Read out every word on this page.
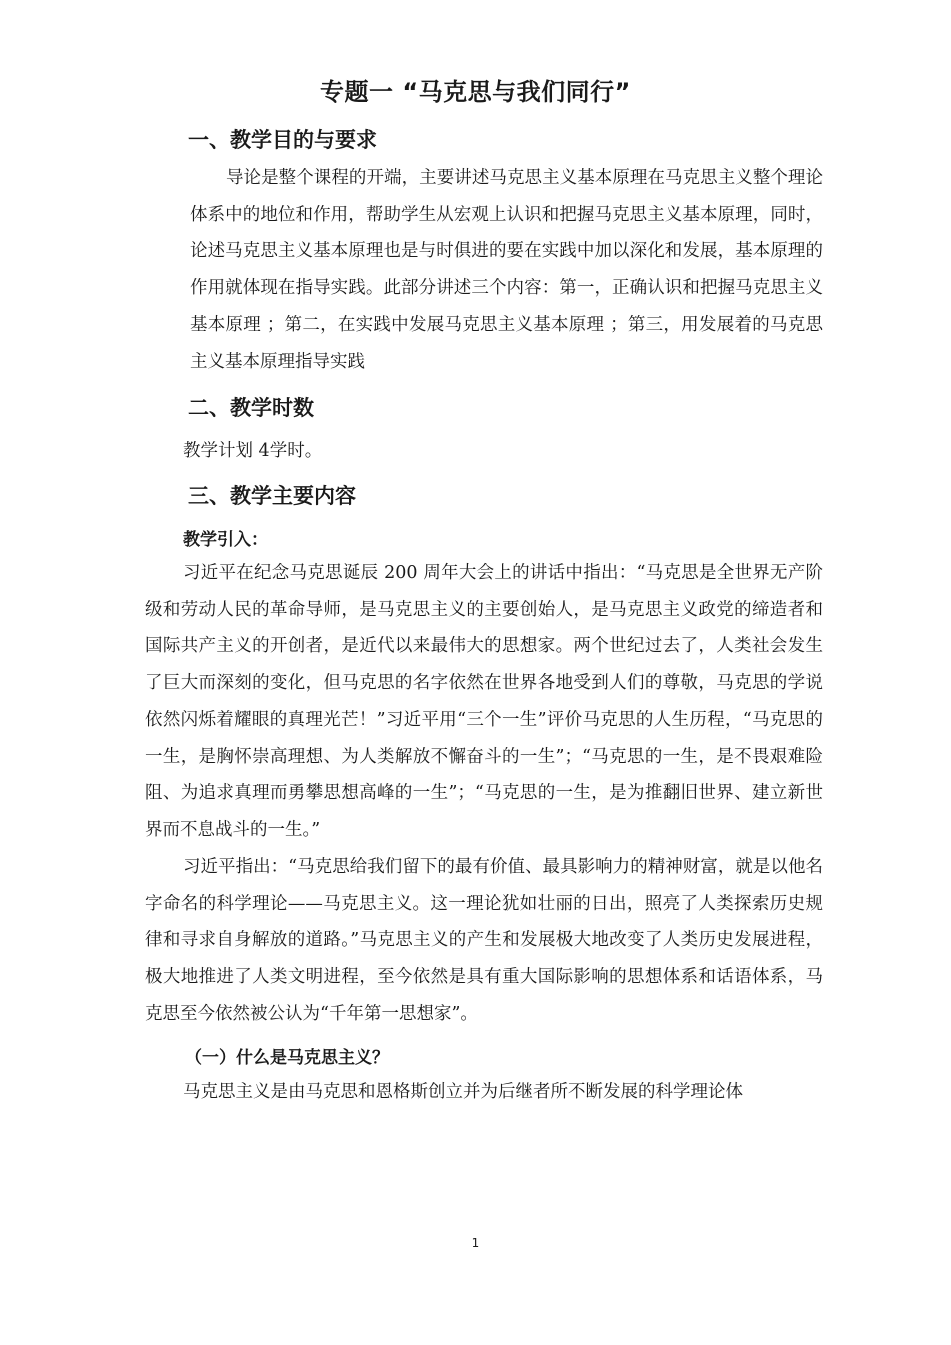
专题一 “马克思与我们同行”
一、教学目的与要求

导论是整个课程的开端，主要讲述马克思主义基本原理在马克思主义整个理论体系中的地位和作用，帮助学生从宏观上认识和把握马克思主义基本原理，同时，论述马克思主义基本原理也是与时俱进的要在实践中加以深化和发展，基本原理的作用就体现在指导实践。此部分讲述三个内容：第一，正确认识和把握马克思主义基本原理 ；第二，在实践中发展马克思主义基本原理 ；第三，用发展着的马克思主义基本原理指导实践

二、教学时数
教学计划 4学时。
三、教学主要内容
教学引入：

习近平在纪念马克思诞辰 200 周年大会上的讲话中指出：“马克思是全世界无产阶级和劳动人民的革命导师，是马克思主义的主要创始人，是马克思主义政党的缔造者和国际共产主义的开创者，是近代以来最伟大的思想家。两个世纪过去了，人类社会发生了巨大而深刻的变化，但马克思的名字依然在世界各地受到人们的尊敬，马克思的学说依然闪烁着耀眼的真理光芒！”习近平用“三个一生”评价马克思的人生历程，“马克思的一生，是胸怀崇高理想、为人类解放不懈奋斗的一生”；“马克思的一生，是不畏艰难险阻、为追求真理而勇攀思想高峰的一生”；“马克思的一生，是为推翻旧世界、建立新世界而不息战斗的一生。”

习近平指出：“马克思给我们留下的最有价值、最具影响力的精神财富，就是以他名字命名的科学理论——马克思主义。这一理论犹如壮丽的日出，照亮了人类探索历史规律和寻求自身解放的道路。”马克思主义的产生和发展极大地改变了人类历史发展进程，极大地推进了人类文明进程，至今依然是具有重大国际影响的思想体系和话语体系，马克思至今依然被公认为“千年第一思想家”。

（一）什么是马克思主义？
马克思主义是由马克思和恩格斯创立并为后继者所不断发展的科学理论体
1
